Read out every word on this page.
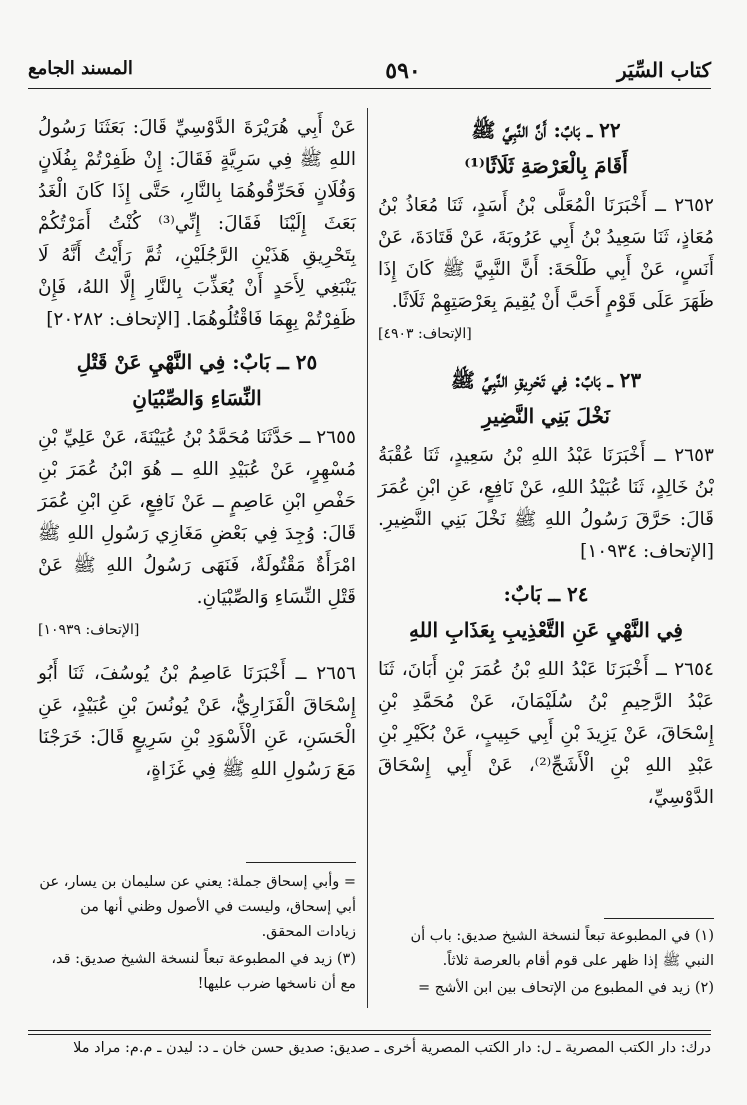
كتاب السِّيَر
٥٩٠
المسند الجامع
٢٢ ــ بَابٌ: أَنَّ النَّبِيَّ ﷺ
أَقَامَ بِالْعَرْصَةِ ثَلَاثًا⁽¹⁾

٢٦٥٢ ــ أَخْبَرَنَا الْمُعَلَّى بْنُ أَسَدٍ، ثَنَا مُعَاذُ بْنُ مُعَاذٍ، ثَنَا سَعِيدُ بْنُ أَبِي عَرُوبَةَ، عَنْ قَتَادَةَ، عَنْ أَنَسٍ، عَنْ أَبِي طَلْحَةَ: أَنَّ النَّبِيَّ ﷺ كَانَ إِذَا ظَهَرَ عَلَى قَوْمٍ أَحَبَّ أَنْ يُقِيمَ بِعَرْصَتِهِمْ ثَلَاثًا.

[الإتحاف: ٤٩٠٣]
٢٣ ــ بَابٌ: فِي تَحْرِيقِ النَّبِيِّ ﷺ
نَخْلَ بَنِي النَّضِيرِ

٢٦٥٣ ــ أَخْبَرَنَا عَبْدُ اللهِ بْنُ سَعِيدٍ، ثَنَا عُقْبَةُ بْنُ خَالِدٍ، ثَنَا عُبَيْدُ اللهِ، عَنْ نَافِعٍ، عَنِ ابْنِ عُمَرَ قَالَ: حَرَّقَ رَسُولُ اللهِ ﷺ نَخْلَ بَنِي النَّضِيرِ. [الإتحاف: ١٠٩٣٤]

٢٤ ــ بَابٌ:
فِي النَّهْيِ عَنِ التَّعْذِيبِ بِعَذَابِ اللهِ

٢٦٥٤ ــ أَخْبَرَنَا عَبْدُ اللهِ بْنُ عُمَرَ بْنِ أَبَانَ، ثَنَا عَبْدُ الرَّحِيمِ بْنُ سُلَيْمَانَ، عَنْ مُحَمَّدِ بْنِ إِسْحَاقَ، عَنْ يَزِيدَ بْنِ أَبِي حَبِيبٍ، عَنْ بُكَيْرِ بْنِ عَبْدِ اللهِ بْنِ الْأَشَجِّ⁽²⁾، عَنْ أَبِي إِسْحَاقَ الدَّوْسِيِّ،

عَنْ أَبِي هُرَيْرَةَ الدَّوْسِيِّ قَالَ: بَعَثَنَا رَسُولُ اللهِ ﷺ فِي سَرِيَّةٍ فَقَالَ: إِنْ ظَفِرْتُمْ بِفُلَانٍ وَفُلَانٍ فَحَرِّقُوهُمَا بِالنَّارِ، حَتَّى إِذَا كَانَ الْغَدُ بَعَثَ إِلَيْنَا فَقَالَ: إِنِّي⁽³⁾ كُنْتُ أَمَرْتُكُمْ بِتَحْرِيقِ هَذَيْنِ الرَّجُلَيْنِ، ثُمَّ رَأَيْتُ أَنَّهُ لَا يَنْبَغِي لِأَحَدٍ أَنْ يُعَذِّبَ بِالنَّارِ إِلَّا اللهُ، فَإِنْ ظَفِرْتُمْ بِهِمَا فَاقْتُلُوهُمَا. [الإتحاف: ٢٠٢٨٢]

٢٥ ــ بَابٌ: فِي النَّهْيِ عَنْ قَتْلِ
النِّسَاءِ وَالصِّبْيَانِ

٢٦٥٥ ــ حَدَّثَنَا مُحَمَّدُ بْنُ عُيَيْنَةَ، عَنْ عَلِيِّ بْنِ مُسْهِرٍ، عَنْ عُبَيْدِ اللهِ ــ هُوَ ابْنُ عُمَرَ بْنِ حَفْصِ ابْنِ عَاصِمٍ ــ عَنْ نَافِعٍ، عَنِ ابْنِ عُمَرَ قَالَ: وُجِدَ فِي بَعْضِ مَغَازِي رَسُولِ اللهِ ﷺ امْرَأَةٌ مَقْتُولَةٌ، فَنَهَى رَسُولُ اللهِ ﷺ عَنْ قَتْلِ النِّسَاءِ وَالصِّبْيَانِ.

[الإتحاف: ١٠٩٣٩]

٢٦٥٦ ــ أَخْبَرَنَا عَاصِمُ بْنُ يُوسُفَ، ثَنَا أَبُو إِسْحَاقَ الْفَزَارِيُّ، عَنْ يُونُسَ بْنِ عُبَيْدٍ، عَنِ الْحَسَنِ، عَنِ الْأَسْوَدِ بْنِ سَرِيعٍ قَالَ: خَرَجْنَا مَعَ رَسُولِ اللهِ ﷺ فِي غَزَاةٍ،

(١) في المطبوعة تبعاً لنسخة الشيخ صديق: باب أن النبي ﷺ إذا ظهر على قوم أقام بالعرصة ثلاثاً.

(٢) زيد في المطبوع من الإتحاف بين ابن الأشج =

= وأبي إسحاق جملة: يعني عن سليمان بن يسار، عن أبي إسحاق، وليست في الأصول وظني أنها من زيادات المحقق.

(٣) زيد في المطبوعة تبعاً لنسخة الشيخ صديق: قد، مع أن ناسخها ضرب عليها!

درك: دار الكتب المصرية ـ ل: دار الكتب المصرية أخرى ـ صديق: صديق حسن خان ـ د: ليدن ـ م.م: مراد ملا
